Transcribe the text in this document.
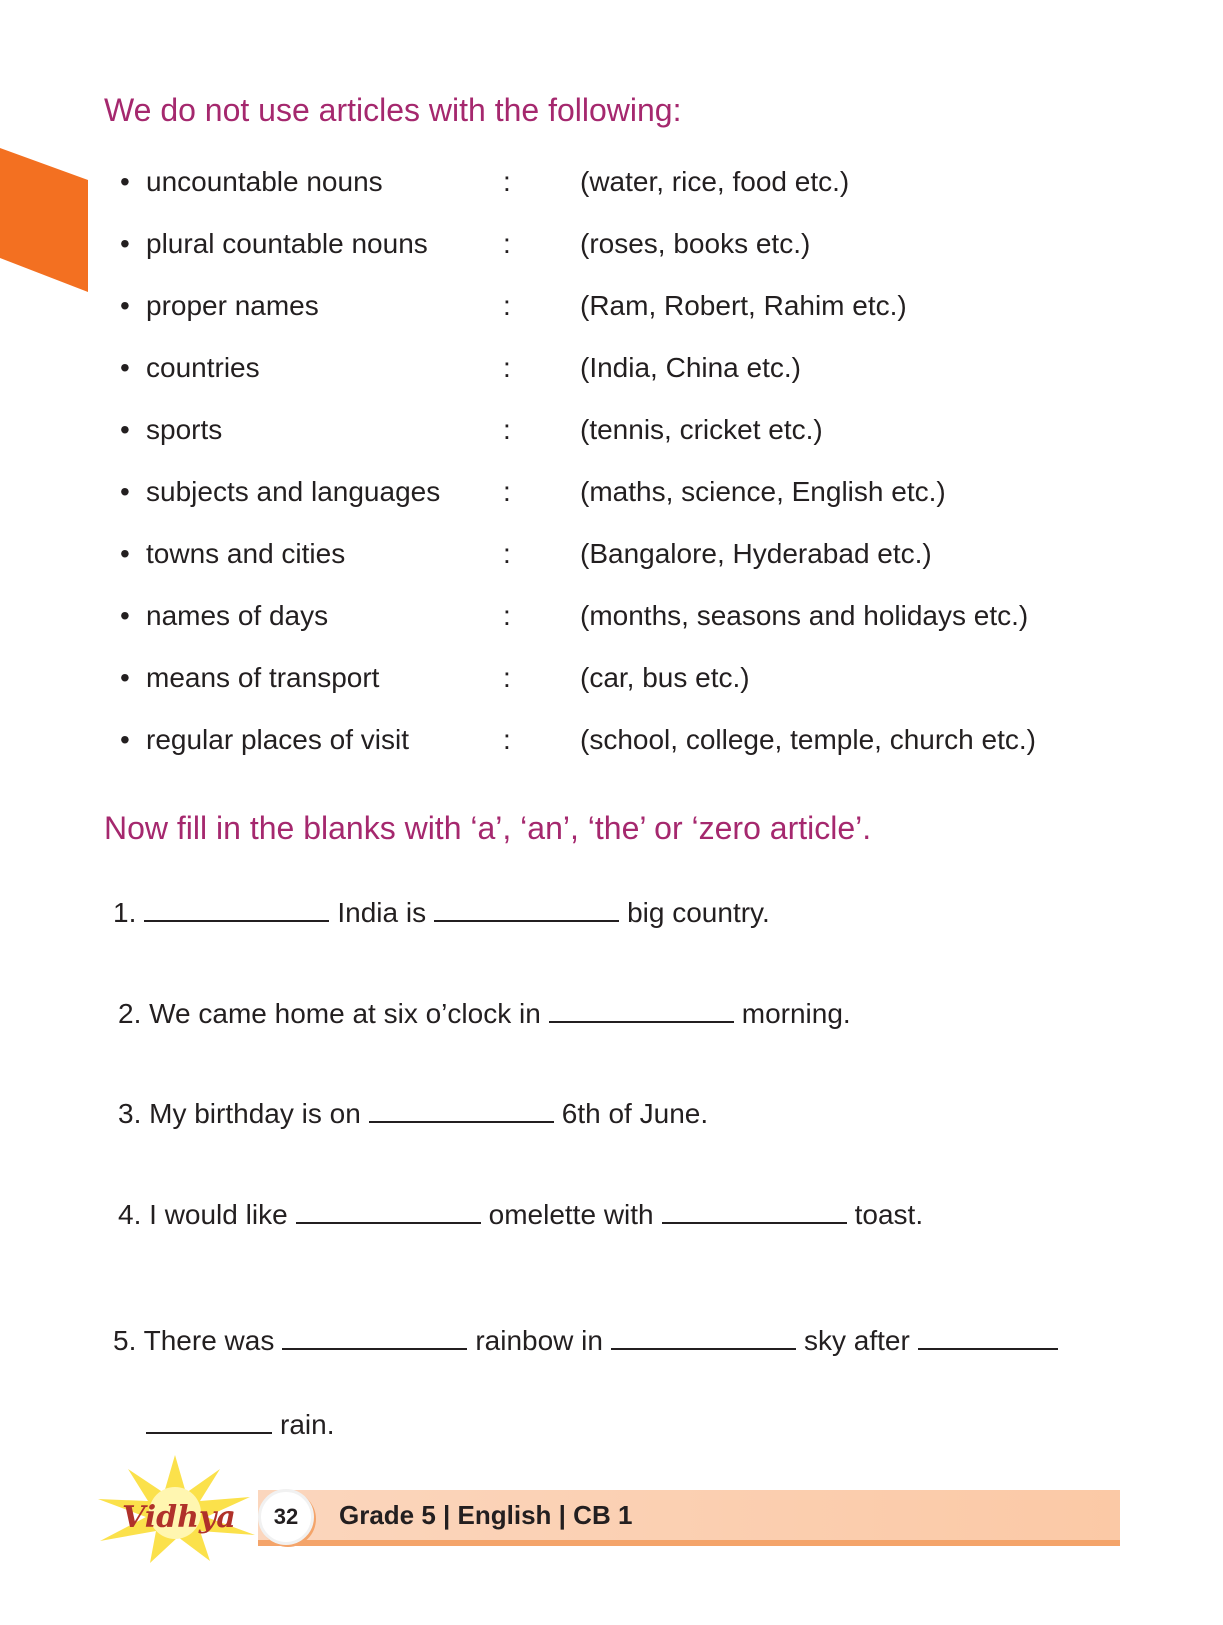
We do not use articles with the following:
• uncountable nouns	: (water, rice, food etc.)
• plural countable nouns	: (roses, books etc.)
• proper names	: (Ram, Robert, Rahim etc.)
• countries	: (India, China etc.)
• sports	: (tennis, cricket etc.)
• subjects and languages : (maths, science, English etc.)
• towns and cities	: (Bangalore, Hyderabad etc.)
• names of days	: (months, seasons and holidays etc.)
• means of transport	: (car, bus etc.)
• regular places of visit	: (school, college, temple, church etc.)
Now fill in the blanks with ‘a’, ‘an’, ‘the’ or ‘zero article’.
1.	India is	big country.
2. We came home at six o’clock in	morning.
3. My birthday is on	6th of June.
4. I would like	omelette with	toast.
5. There was	rainbow in	sky after
rain.
Grade 5 | English | CB 1
32
Vidhya
